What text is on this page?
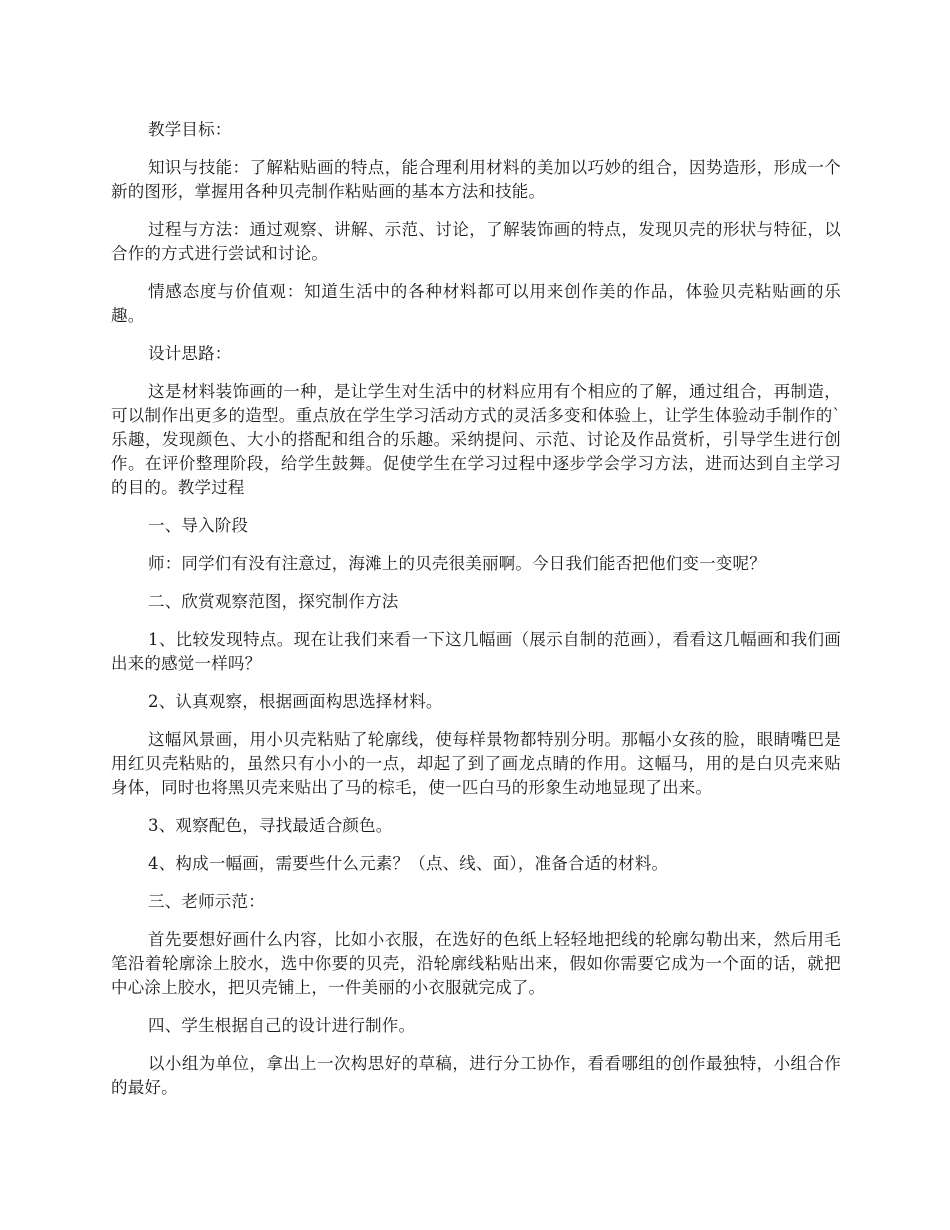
教学目标：

知识与技能：了解粘贴画的特点，能合理利用材料的美加以巧妙的组合，因势造形，形成一个新的图形，掌握用各种贝壳制作粘贴画的基本方法和技能。

过程与方法：通过观察、讲解、示范、讨论，了解装饰画的特点，发现贝壳的形状与特征，以合作的方式进行尝试和讨论。

情感态度与价值观：知道生活中的各种材料都可以用来创作美的作品，体验贝壳粘贴画的乐趣。

设计思路：

这是材料装饰画的一种，是让学生对生活中的材料应用有个相应的了解，通过组合，再制造，可以制作出更多的造型。重点放在学生学习活动方式的灵活多变和体验上，让学生体验动手制作的`乐趣，发现颜色、大小的搭配和组合的乐趣。采纳提问、示范、讨论及作品赏析，引导学生进行创作。在评价整理阶段，给学生鼓舞。促使学生在学习过程中逐步学会学习方法，进而达到自主学习的目的。教学过程

一、导入阶段

师：同学们有没有注意过，海滩上的贝壳很美丽啊。今日我们能否把他们变一变呢？

二、欣赏观察范图，探究制作方法

1、比较发现特点。现在让我们来看一下这几幅画（展示自制的范画），看看这几幅画和我们画出来的感觉一样吗？

2、认真观察，根据画面构思选择材料。

这幅风景画，用小贝壳粘贴了轮廓线，使每样景物都特别分明。那幅小女孩的脸，眼睛嘴巴是用红贝壳粘贴的，虽然只有小小的一点，却起了到了画龙点睛的作用。这幅马，用的是白贝壳来贴身体，同时也将黑贝壳来贴出了马的棕毛，使一匹白马的形象生动地显现了出来。

3、观察配色，寻找最适合颜色。

4、构成一幅画，需要些什么元素？（点、线、面），准备合适的材料。

三、老师示范：

首先要想好画什么内容，比如小衣服，在选好的色纸上轻轻地把线的轮廓勾勒出来，然后用毛笔沿着轮廓涂上胶水，选中你要的贝壳，沿轮廓线粘贴出来，假如你需要它成为一个面的话，就把中心涂上胶水，把贝壳铺上，一件美丽的小衣服就完成了。

四、学生根据自己的设计进行制作。

以小组为单位，拿出上一次构思好的草稿，进行分工协作，看看哪组的创作最独特，小组合作的最好。
